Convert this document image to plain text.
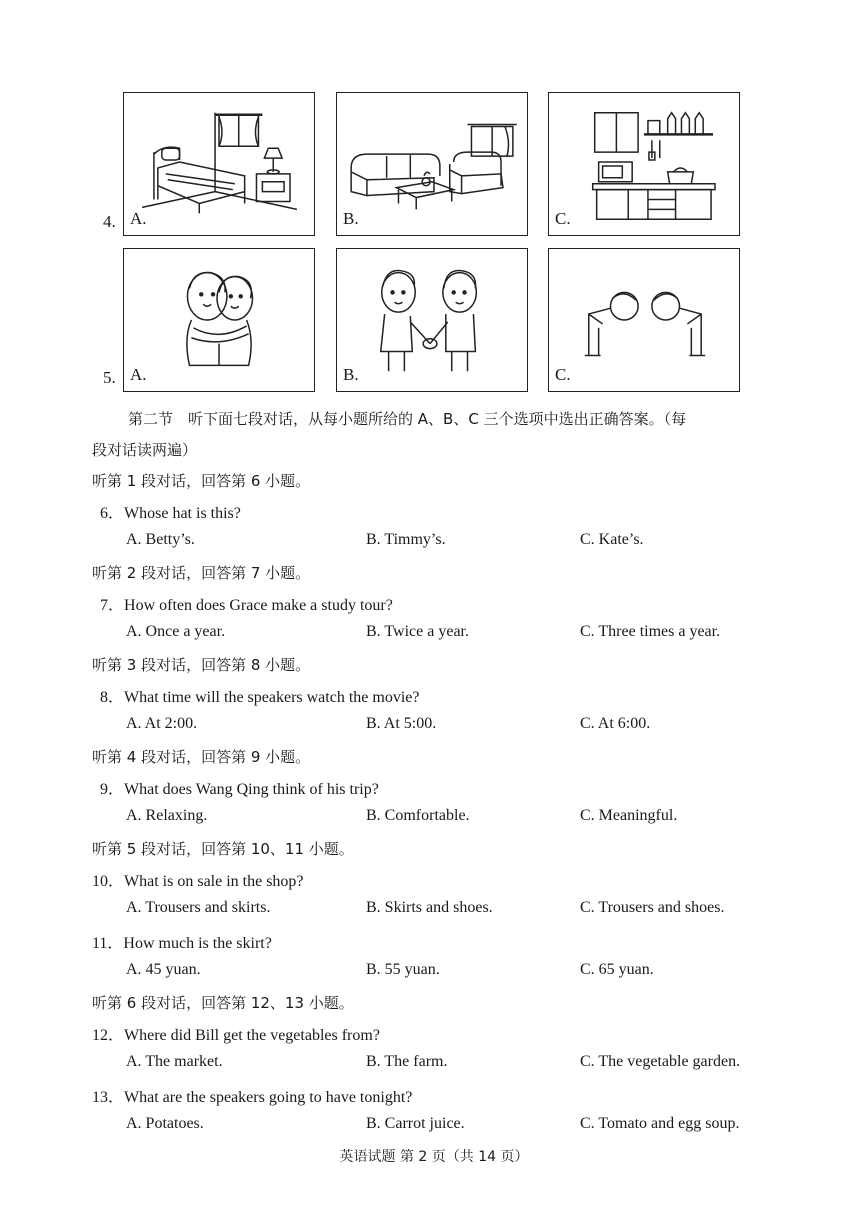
4. A.	B.	C.
5. A.	B.	C.
第二节　听下面七段对话，从每小题所给的 A、B、C 三个选项中选出正确答案。（每
段对话读两遍）
听第 1 段对话，回答第 6 小题。
6．Whose hat is this?
A. Betty’s.	B. Timmy’s.	C. Kate’s.
听第 2 段对话，回答第 7 小题。
7．How often does Grace make a study tour?
A. Once a year.	B. Twice a year.	C. Three times a year.
听第 3 段对话，回答第 8 小题。
8．What time will the speakers watch the movie?
A. At 2:00.	B. At 5:00.	C. At 6:00.
听第 4 段对话，回答第 9 小题。
9．What does Wang Qing think of his trip?
A. Relaxing.	B. Comfortable.	C. Meaningful.
听第 5 段对话，回答第 10、11 小题。
10．What is on sale in the shop?
A. Trousers and skirts.	B. Skirts and shoes.	C. Trousers and shoes.
11．How much is the skirt?
A. 45 yuan.	B. 55 yuan.	C. 65 yuan.
听第 6 段对话，回答第 12、13 小题。
12．Where did Bill get the vegetables from?
A. The market.	B. The farm.	C. The vegetable garden.
13．What are the speakers going to have tonight?
A. Potatoes.	B. Carrot juice.	C. Tomato and egg soup.
英语试题 第 2 页（共 14 页）
